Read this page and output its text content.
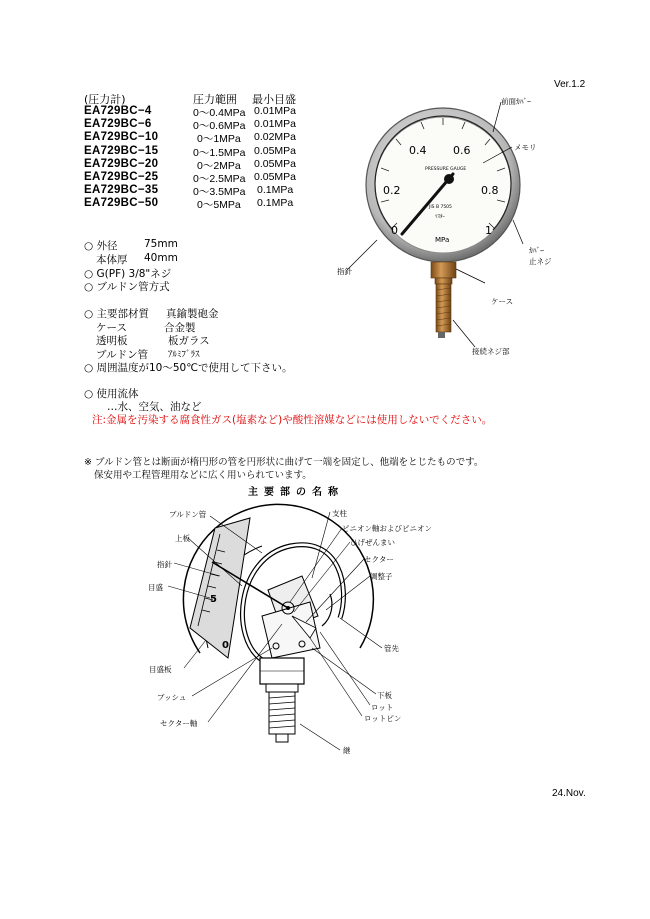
Ver.1.2
(圧力計)	圧力範囲 最小目盛
EA729BC−4	0～0.4MPa 0.01MPa
EA729BC−6	0～0.6MPa 0.01MPa
EA729BC−10	0～1MPa 0.02MPa
EA729BC−15	0～1.5MPa 0.05MPa
EA729BC−20	0～2MPa 0.05MPa
EA729BC−25	0～2.5MPa 0.05MPa
EA729BC−35	0～3.5MPa 0.1MPa
EA729BC−50	0～5MPa 0.1MPa
○ 外径	75mm
本体厚 40mm
○ G(PF) 3/8"ネジ
○ ブルドン管方式
○ 主要部材質 真鍮製砲金
ケース	合金製
透明板	板ガラス
ブルドン管 ｱﾙﾐﾌﾞﾗｽ
○ 周囲温度が10～50℃で使用して下さい。
○ 使用流体
…水、空気、油など
注:金属を汚染する腐食性ガス(塩素など)や酸性溶媒などには使用しないでください。
※ ブルドン管とは断面が楕円形の管を円形状に曲げて一端を固定し、他端をとじたものです。
保安用や工程管理用などに広く用いられています。
0
0.2
0.4 0.6
0.8
1
PRESSURE GAUGE
JIS B 7505
ﾏｽﾀｰ
MPa
前面ｶﾊﾞｰ
メモリ
ｶﾊﾞｰ
止ネジ
指針
ケース
接続ネジ部
主要部の名称
5
0
ブルドン管
上板
指針
目盛
目盛板
ブッシュ
セクター軸
支柱
ピニオン軸およびピニオン
ひげぜんまい
セクター
調整子
管先
下板
ロット
ロットピン
継
24.Nov.
